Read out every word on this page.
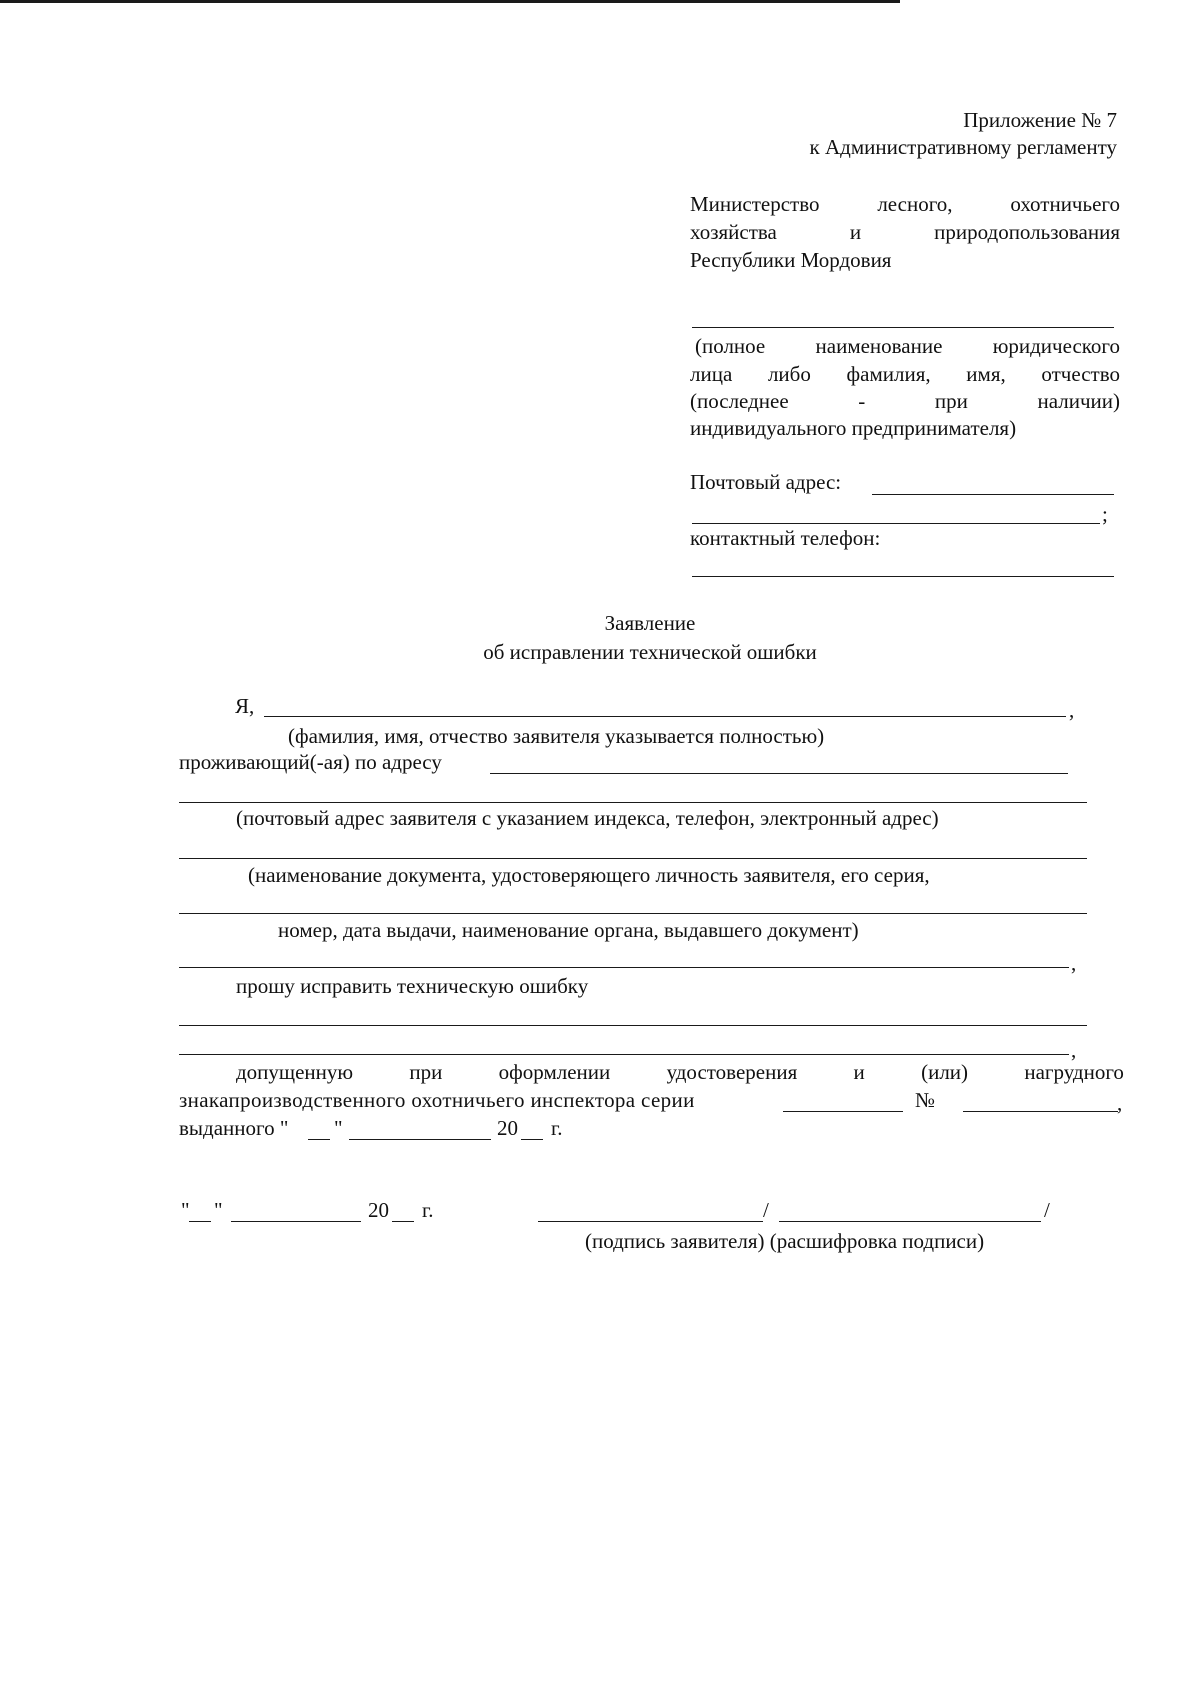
Приложение № 7
к Административному регламенту
Министерство	лесного,	охотничьего
хозяйства	и	природопользования
Республики Мордовия
(полное наименование юридического
лица либо фамилия, имя, отчество
(последнее	-	при	наличии)
индивидуального предпринимателя)
Почтовый адрес:
;
контактный телефон:
Заявление
об исправлении технической ошибки
Я,	,
(фамилия, имя, отчество заявителя указывается полностью)
проживающий(-ая) по адресу
(почтовый адрес заявителя с указанием индекса, телефон, электронный адрес)
(наименование документа, удостоверяющего личность заявителя, его серия,
номер, дата выдачи, наименование органа, выдавшего документ)
,
прошу исправить техническую ошибку
,
допущенную	при	оформлении	удостоверения	и	(или)	нагрудного
знакапроизводственного охотничьего инспектора серии	№	,
выданного " "	20 г.
" "	20 г.	/	/
(подпись заявителя) (расшифровка подписи)
